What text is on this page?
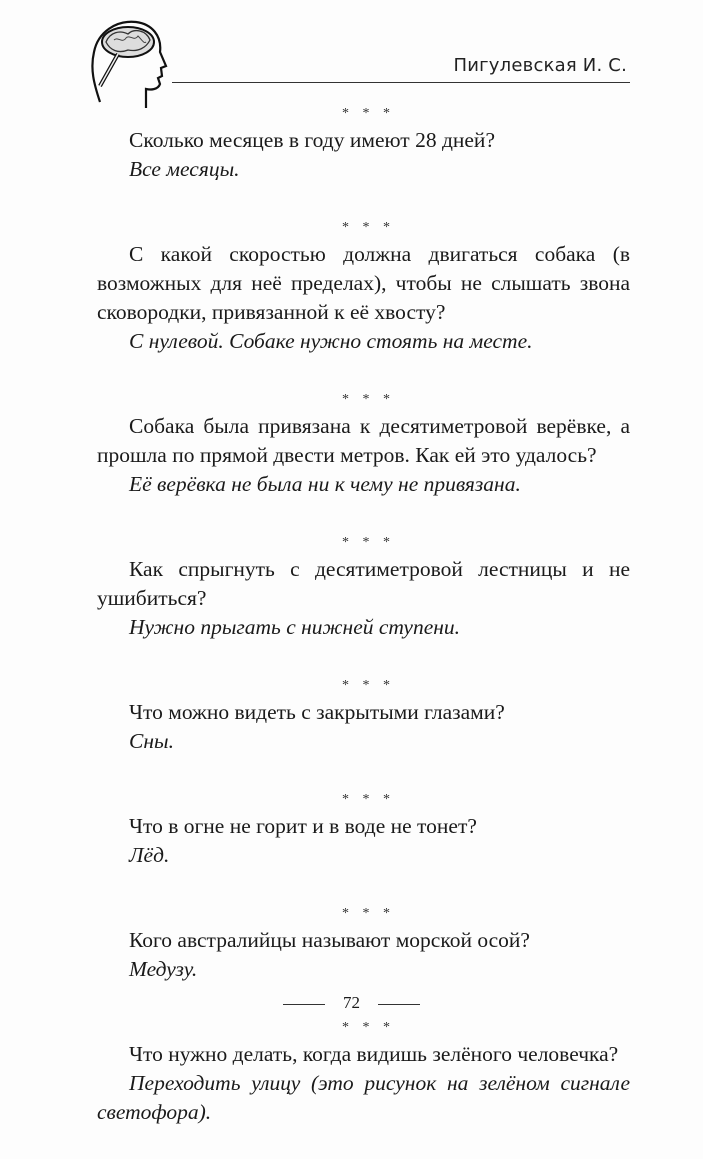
Пигулевская И. С.
* * *

Сколько месяцев в году имеют 28 дней?

Все месяцы.

* * *

С какой скоростью должна двигаться собака (в возможных для неё пределах), чтобы не слышать звона сковородки, привязанной к её хвосту?

С нулевой. Собаке нужно стоять на месте.

* * *

Собака была привязана к десятиметровой верёвке, а прошла по прямой двести метров. Как ей это удалось?

Её верёвка не была ни к чему не привязана.

* * *

Как спрыгнуть с десятиметровой лестницы и не ушибиться?

Нужно прыгать с нижней ступени.

* * *

Что можно видеть с закрытыми глазами?

Сны.

* * *

Что в огне не горит и в воде не тонет?

Лёд.

* * *

Кого австралийцы называют морской осой?

Медузу.

* * *

Что нужно делать, когда видишь зелёного человечка?

Переходить улицу (это рисунок на зелёном сигнале светофора).

72
